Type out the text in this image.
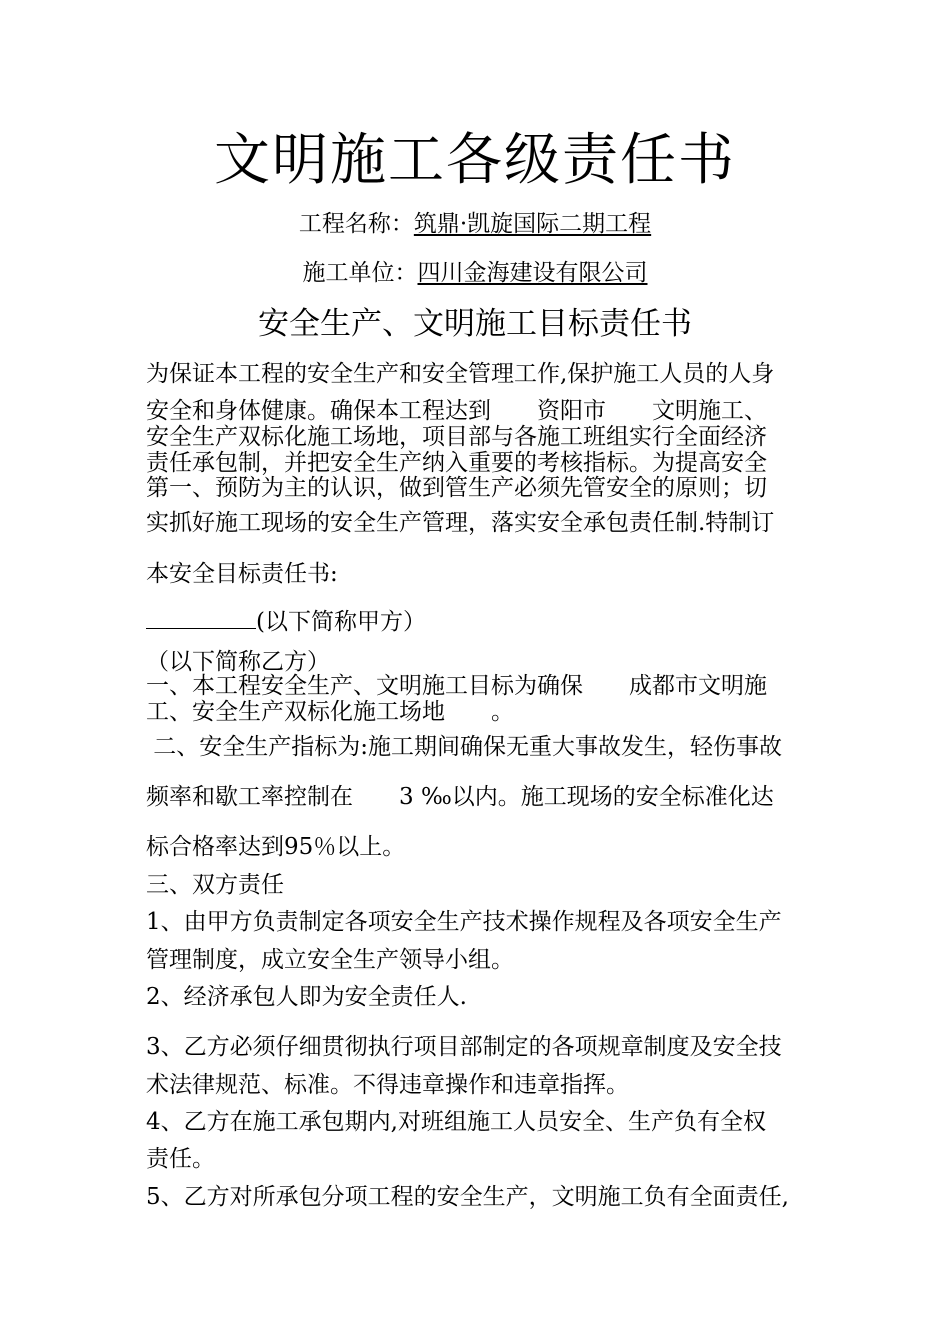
文明施工各级责任书
工程名称：筑鼎·凯旋国际二期工程
施工单位：四川金海建设有限公司
安全生产、文明施工目标责任书
为保证本工程的安全生产和安全管理工作,保护施工人员的人身
安全和身体健康。确保本工程达到　　资阳市　　文明施工、
安全生产双标化施工场地，项目部与各施工班组实行全面经济
责任承包制，并把安全生产纳入重要的考核指标。为提高安全
第一、预防为主的认识，做到管生产必须先管安全的原则；切
实抓好施工现场的安全生产管理，落实安全承包责任制.特制订
本安全目标责任书:
(以下简称甲方）
（以下简称乙方）
一、本工程安全生产、文明施工目标为确保　　成都市文明施
工、安全生产双标化施工场地　　。
二、安全生产指标为:施工期间确保无重大事故发生，轻伤事故
频率和歇工率控制在　　3 ‰以内。施工现场的安全标准化达
标合格率达到95％以上。
三、双方责任
1、由甲方负责制定各项安全生产技术操作规程及各项安全生产
管理制度，成立安全生产领导小组。
2、经济承包人即为安全责任人.
3、乙方必须仔细贯彻执行项目部制定的各项规章制度及安全技
术法律规范、标准。不得违章操作和违章指挥。
4、乙方在施工承包期内,对班组施工人员安全、生产负有全权
责任。
5、乙方对所承包分项工程的安全生产，文明施工负有全面责任,
